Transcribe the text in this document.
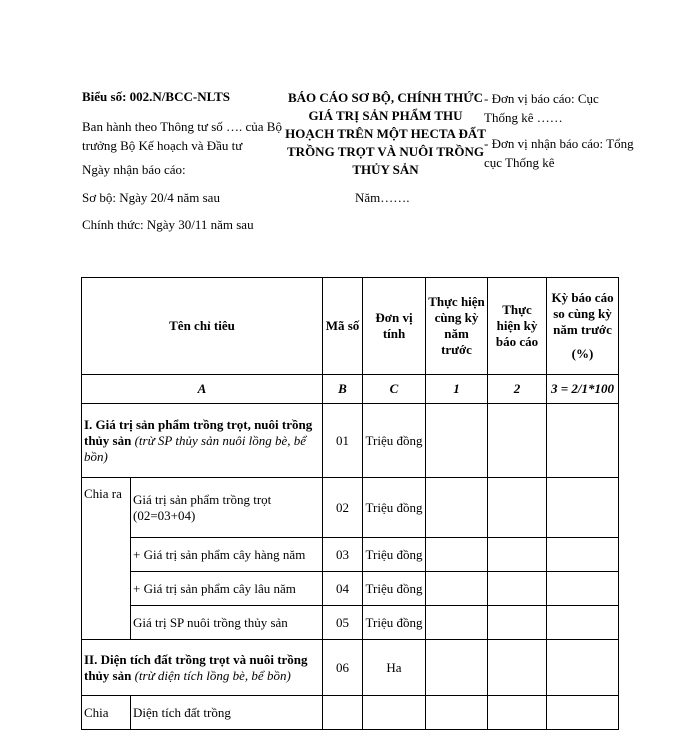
Biểu số: 002.N/BCC-NLTS
Ban hành theo Thông tư số …. của Bộ trưởng Bộ Kế hoạch và Đầu tư
Ngày nhận báo cáo:
Sơ bộ: Ngày 20/4 năm sau
Chính thức: Ngày 30/11 năm sau
BÁO CÁO SƠ BỘ, CHÍNH THỨC GIÁ TRỊ SẢN PHẨM THU HOẠCH TRÊN MỘT HECTA ĐẤT TRỒNG TRỌT VÀ NUÔI TRỒNG THỦY SẢN
Năm…….
- Đơn vị báo cáo: Cục Thống kê ……
- Đơn vị nhận báo cáo: Tổng cục Thống kê
Tên chỉ tiêu		Mã số	Đơn vị tính	Thực hiện cùng kỳ năm trước	Thực hiện kỳ báo cáo	Kỳ báo cáo so cùng kỳ năm trước
(%)

A		B	C	1	2	3 = 2/1*100
I. Giá trị sản phẩm trồng trọt, nuôi trồng thủy sản (trừ SP thủy sản nuôi lồng bè, bể bồn)		01	Triệu đồng			
Chia ra	Giá trị sản phẩm trồng trọt (02=03+04)	02	Triệu đồng			
	+ Giá trị sản phẩm cây hàng năm	03	Triệu đồng			
	+ Giá trị sản phẩm cây lâu năm	04	Triệu đồng			
	Giá trị SP nuôi trồng thủy sản	05	Triệu đồng			
II. Diện tích đất trồng trọt và nuôi trồng thủy sản (trừ diện tích lồng bè, bể bồn)		06	Ha			
Chia	Diện tích đất trồng					
